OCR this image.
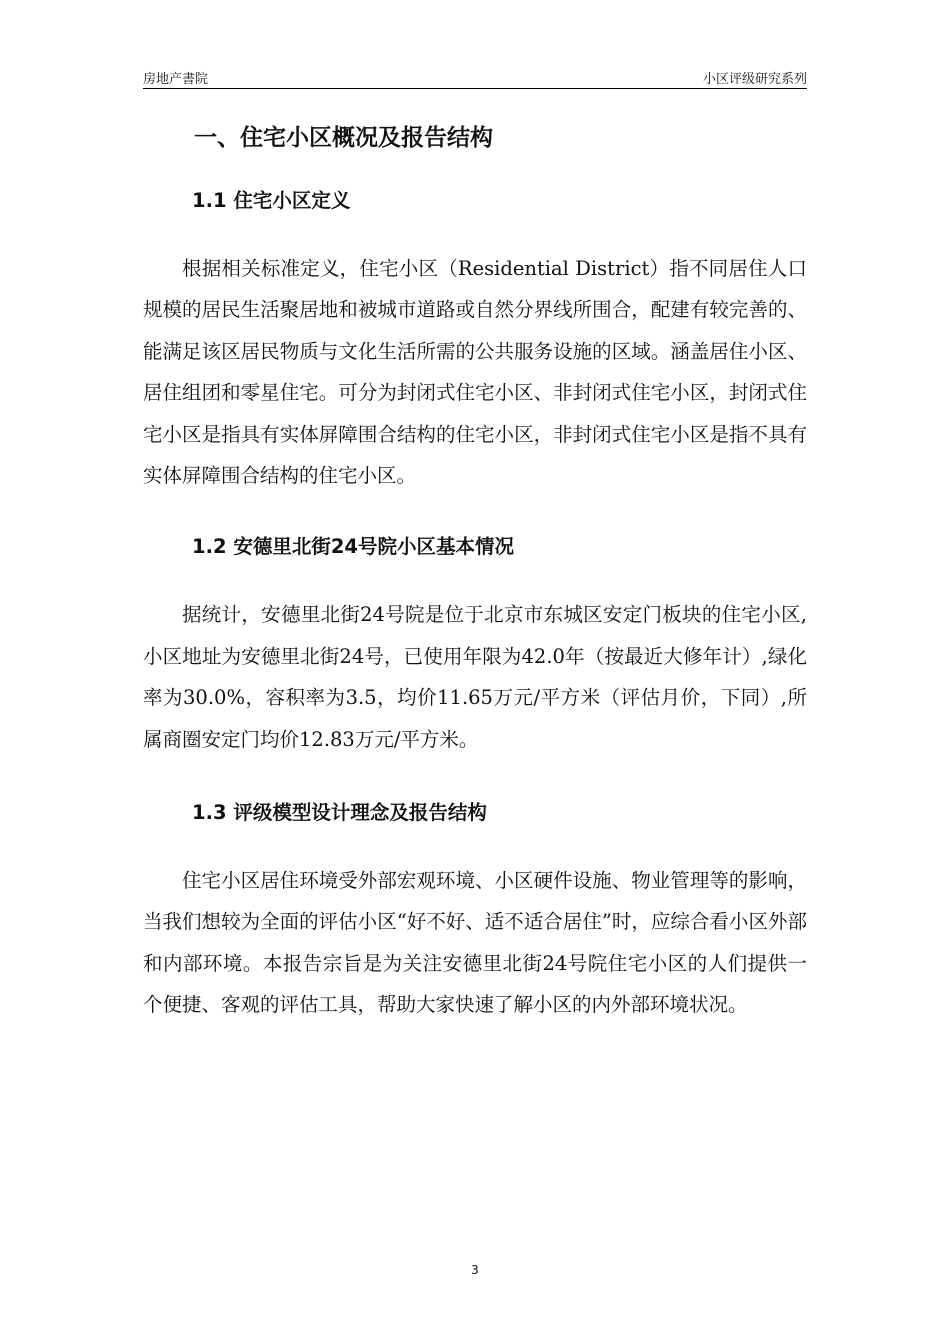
房地产書院	小区评级研究系列
一、住宅小区概况及报告结构
1.1 住宅小区定义

根据相关标准定义，住宅小区（Residential District）指不同居住人口规模的居民生活聚居地和被城市道路或自然分界线所围合，配建有较完善的、能满足该区居民物质与文化生活所需的公共服务设施的区域。涵盖居住小区、居住组团和零星住宅。可分为封闭式住宅小区、非封闭式住宅小区，封闭式住宅小区是指具有实体屏障围合结构的住宅小区，非封闭式住宅小区是指不具有实体屏障围合结构的住宅小区。

1.2 安德里北街24号院小区基本情况

据统计，安德里北街24号院是位于北京市东城区安定门板块的住宅小区,小区地址为安德里北街24号，已使用年限为42.0年（按最近大修年计）,绿化率为30.0%，容积率为3.5，均价11.65万元/平方米（评估月价，下同）,所属商圈安定门均价12.83万元/平方米。

1.3 评级模型设计理念及报告结构

住宅小区居住环境受外部宏观环境、小区硬件设施、物业管理等的影响，当我们想较为全面的评估小区“好不好、适不适合居住”时，应综合看小区外部和内部环境。本报告宗旨是为关注安德里北街24号院住宅小区的人们提供一个便捷、客观的评估工具，帮助大家快速了解小区的内外部环境状况。

3
